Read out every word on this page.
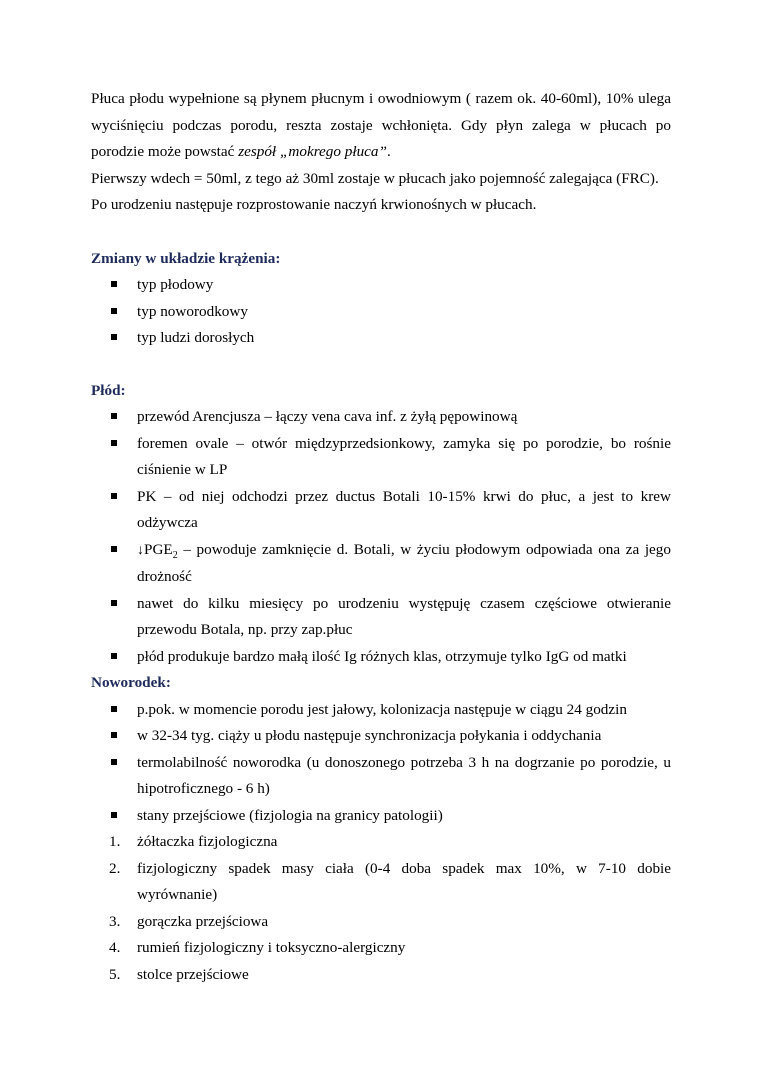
Płuca płodu wypełnione są płynem płucnym i owodniowym ( razem ok. 40-60ml), 10% ulega wyciśnięciu podczas porodu, reszta zostaje wchłonięta. Gdy płyn zalega w płucach po porodzie może powstać zespół „mokrego płuca”.

Pierwszy wdech = 50ml, z tego aż 30ml zostaje w płucach jako pojemność zalegająca (FRC).

Po urodzeniu następuje rozprostowanie naczyń krwionośnych w płucach.

Zmiany w układzie krążenia:

typ płodowy
typ noworodkowy
typ ludzi dorosłych

Płód:

przewód Arencjusza – łączy vena cava inf. z żyłą pępowinową
foremen ovale – otwór międzyprzedsionkowy, zamyka się po porodzie, bo rośnie ciśnienie w LP
PK – od niej odchodzi przez ductus Botali 10-15% krwi do płuc, a jest to krew odżywcza
$↓PGE_2$ – powoduje zamknięcie d. Botali, w życiu płodowym odpowiada ona za jego drożność
nawet do kilku miesięcy po urodzeniu występuję czasem częściowe otwieranie przewodu Botala, np. przy zap.płuc
płód produkuje bardzo małą ilość Ig różnych klas, otrzymuje tylko IgG od matki

Noworodek:

p.pok. w momencie porodu jest jałowy, kolonizacja następuje w ciągu 24 godzin
w 32-34 tyg. ciąży u płodu następuje synchronizacja połykania i oddychania
termolabilność noworodka (u donoszonego potrzeba 3 h na dogrzanie po porodzie, u hipotroficznego - 6 h)
stany przejściowe (fizjologia na granicy patologii)
1. żółtaczka fizjologiczna
2. fizjologiczny spadek masy ciała (0-4 doba spadek max 10%, w 7-10 dobie wyrównanie)
3. gorączka przejściowa
4. rumień fizjologiczny i toksyczno-alergiczny
5. stolce przejściowe
